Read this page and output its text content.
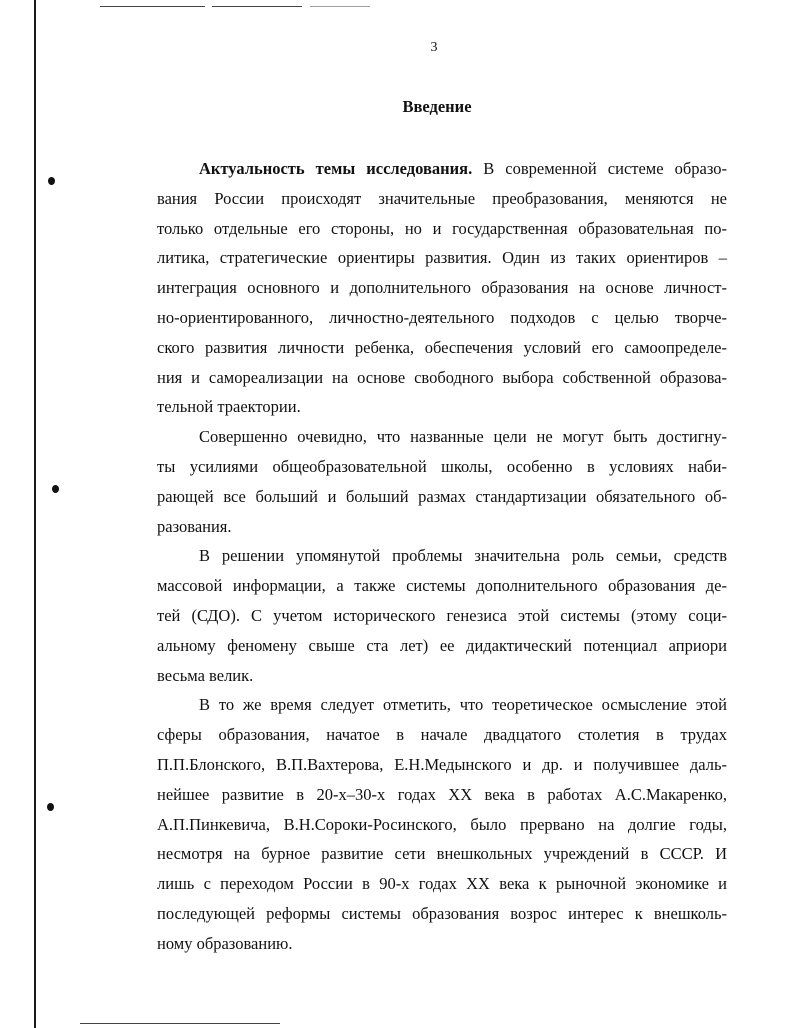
3
Введение
Актуальность темы исследования. В современной системе образо-
вания России происходят значительные преобразования, меняются не
только отдельные его стороны, но и государственная образовательная по-
литика, стратегические ориентиры развития. Один из таких ориентиров –
интеграция основного и дополнительного образования на основе личност-
но-ориентированного, личностно-деятельного подходов с целью творче-
ского развития личности ребенка, обеспечения условий его самоопределе-
ния и самореализации на основе свободного выбора собственной образова-
тельной траектории.
Совершенно очевидно, что названные цели не могут быть достигну-
ты усилиями общеобразовательной школы, особенно в условиях наби-
рающей все больший и больший размах стандартизации обязательного об-
разования.
В решении упомянутой проблемы значительна роль семьи, средств
массовой информации, а также системы дополнительного образования де-
тей (СДО). С учетом исторического генезиса этой системы (этому соци-
альному феномену свыше ста лет) ее дидактический потенциал априори
весьма велик.
В то же время следует отметить, что теоретическое осмысление этой
сферы образования, начатое в начале двадцатого столетия в трудах
П.П.Блонского, В.П.Вахтерова, Е.Н.Медынского и др. и получившее даль-
нейшее развитие в 20-х–30-х годах XX века в работах А.С.Макаренко,
А.П.Пинкевича, В.Н.Сороки-Росинского, было прервано на долгие годы,
несмотря на бурное развитие сети внешкольных учреждений в СССР. И
лишь с переходом России в 90-х годах XX века к рыночной экономике и
последующей реформы системы образования возрос интерес к внешколь-
ному образованию.
